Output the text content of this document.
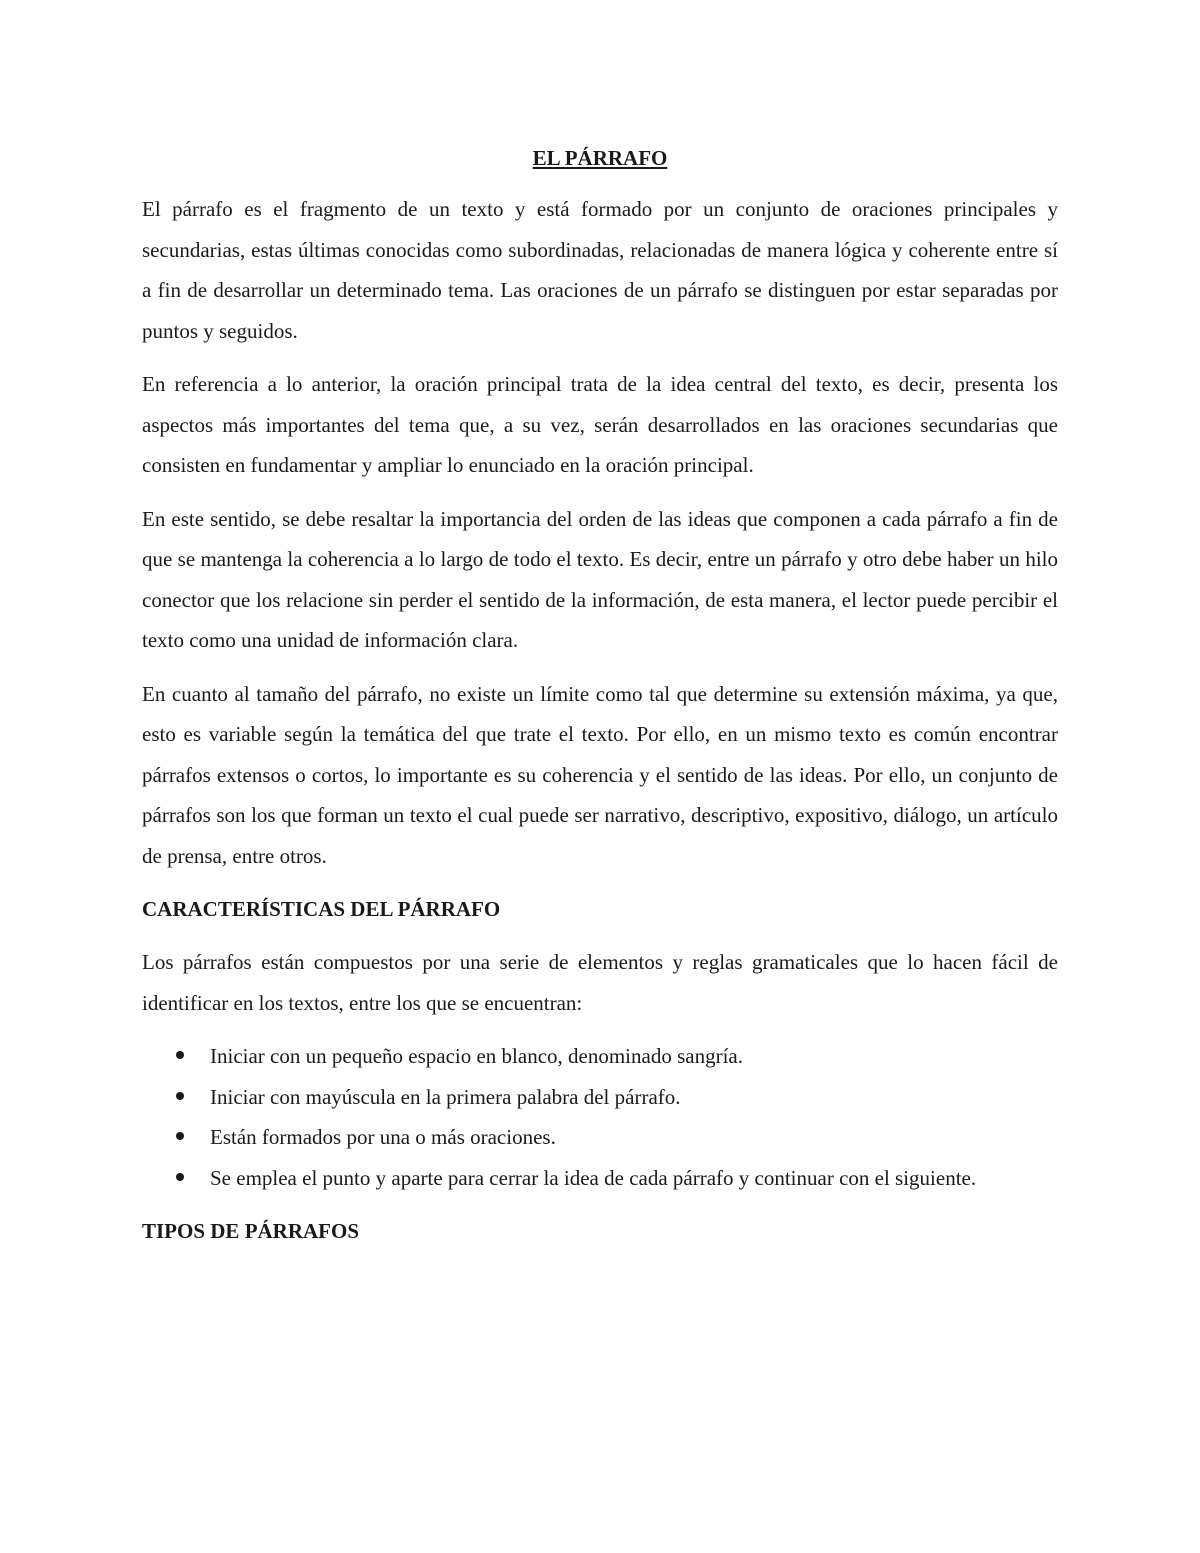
EL PÁRRAFO

El párrafo es el fragmento de un texto y está formado por un conjunto de oraciones principales y secundarias, estas últimas conocidas como subordinadas, relacionadas de manera lógica y coherente entre sí a fin de desarrollar un determinado tema. Las oraciones de un párrafo se distinguen por estar separadas por puntos y seguidos.

En referencia a lo anterior, la oración principal trata de la idea central del texto, es decir, presenta los aspectos más importantes del tema que, a su vez, serán desarrollados en las oraciones secundarias que consisten en fundamentar y ampliar lo enunciado en la oración principal.

En este sentido, se debe resaltar la importancia del orden de las ideas que componen a cada párrafo a fin de que se mantenga la coherencia a lo largo de todo el texto. Es decir, entre un párrafo y otro debe haber un hilo conector que los relacione sin perder el sentido de la información, de esta manera, el lector puede percibir el texto como una unidad de información clara.

En cuanto al tamaño del párrafo, no existe un límite como tal que determine su extensión máxima, ya que, esto es variable según la temática del que trate el texto. Por ello, en un mismo texto es común encontrar párrafos extensos o cortos, lo importante es su coherencia y el sentido de las ideas. Por ello, un conjunto de párrafos son los que forman un texto el cual puede ser narrativo, descriptivo, expositivo, diálogo, un artículo de prensa, entre otros.

CARACTERÍSTICAS DEL PÁRRAFO

Los párrafos están compuestos por una serie de elementos y reglas gramaticales que lo hacen fácil de identificar en los textos, entre los que se encuentran:

Iniciar con un pequeño espacio en blanco, denominado sangría.
Iniciar con mayúscula en la primera palabra del párrafo.
Están formados por una o más oraciones.
Se emplea el punto y aparte para cerrar la idea de cada párrafo y continuar con el siguiente.
TIPOS DE PÁRRAFOS
